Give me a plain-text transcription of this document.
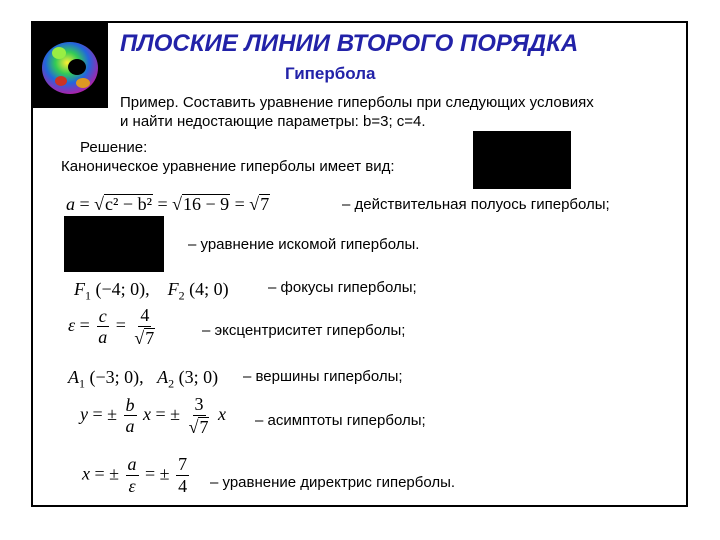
ПЛОСКИЕ ЛИНИИ ВТОРОГО ПОРЯДКА
Гипербола
Пример. Составить уравнение гиперболы при следующих условиях
и найти недостающие параметры: b=3; c=4.
Решение:
Каноническое уравнение гиперболы имеет вид:
a = √c² − b² = √16 − 9 = √7	– действительная полуось гиперболы;
– уравнение искомой гиперболы.
$F_1$ (−4; 0), $F_2$ (4; 0)	– фокусы гиперболы;
$\varepsilon = \frac{c}{a} = \frac{4}{√7}$	– эксцентриситет гиперболы;
$A_1$ (−3; 0), $A_2$ (3; 0) – вершины гиперболы;
y = ± $\frac{b}{a}$ x = ± $\frac{3}{√7}$ x – асимптоты гиперболы;
x = ± $\frac{a}{\varepsilon}$ = ± $\frac{7}{4}$ – уравнение директрис гиперболы.
